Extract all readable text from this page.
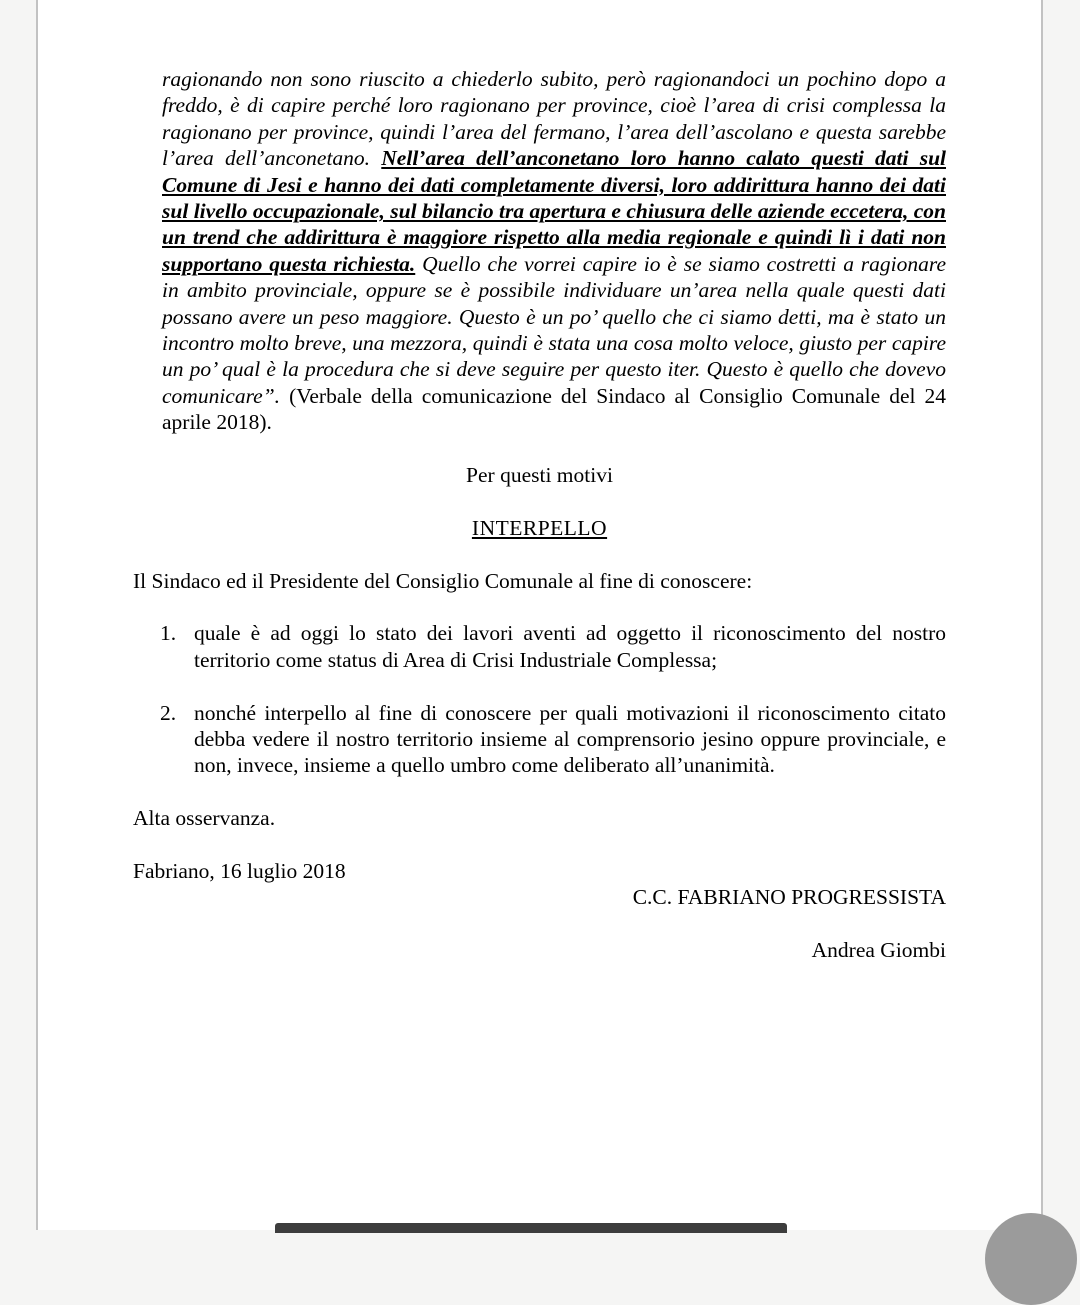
ragionando non sono riuscito a chiederlo subito, però ragionandoci un pochino dopo a freddo, è di capire perché loro ragionano per province, cioè l’area di crisi complessa la ragionano per province, quindi l’area del fermano, l’area dell’ascolano e questa sarebbe l’area dell’anconetano. Nell’area dell’anconetano loro hanno calato questi dati sul Comune di Jesi e hanno dei dati completamente diversi, loro addirittura hanno dei dati sul livello occupazionale, sul bilancio tra apertura e chiusura delle aziende eccetera, con un trend che addirittura è maggiore rispetto alla media regionale e quindi lì i dati non supportano questa richiesta. Quello che vorrei capire io è se siamo costretti a ragionare in ambito provinciale, oppure se è possibile individuare un’area nella quale questi dati possano avere un peso maggiore. Questo è un po’ quello che ci siamo detti, ma è stato un incontro molto breve, una mezzora, quindi è stata una cosa molto veloce, giusto per capire un po’ qual è la procedura che si deve seguire per questo iter. Questo è quello che dovevo comunicare”. (Verbale della comunicazione del Sindaco al Consiglio Comunale del 24 aprile 2018).

Per questi motivi

INTERPELLO

Il Sindaco ed il Presidente del Consiglio Comunale al fine di conoscere:

1. quale è ad oggi lo stato dei lavori aventi ad oggetto il riconoscimento del nostro territorio come status di Area di Crisi Industriale Complessa;
2. nonché interpello al fine di conoscere per quali motivazioni il riconoscimento citato debba vedere il nostro territorio insieme al comprensorio jesino oppure provinciale, e non, invece, insieme a quello umbro come deliberato all’unanimità.

Alta osservanza.

Fabriano, 16 luglio 2018

C.C. FABRIANO PROGRESSISTA

Andrea Giombi
